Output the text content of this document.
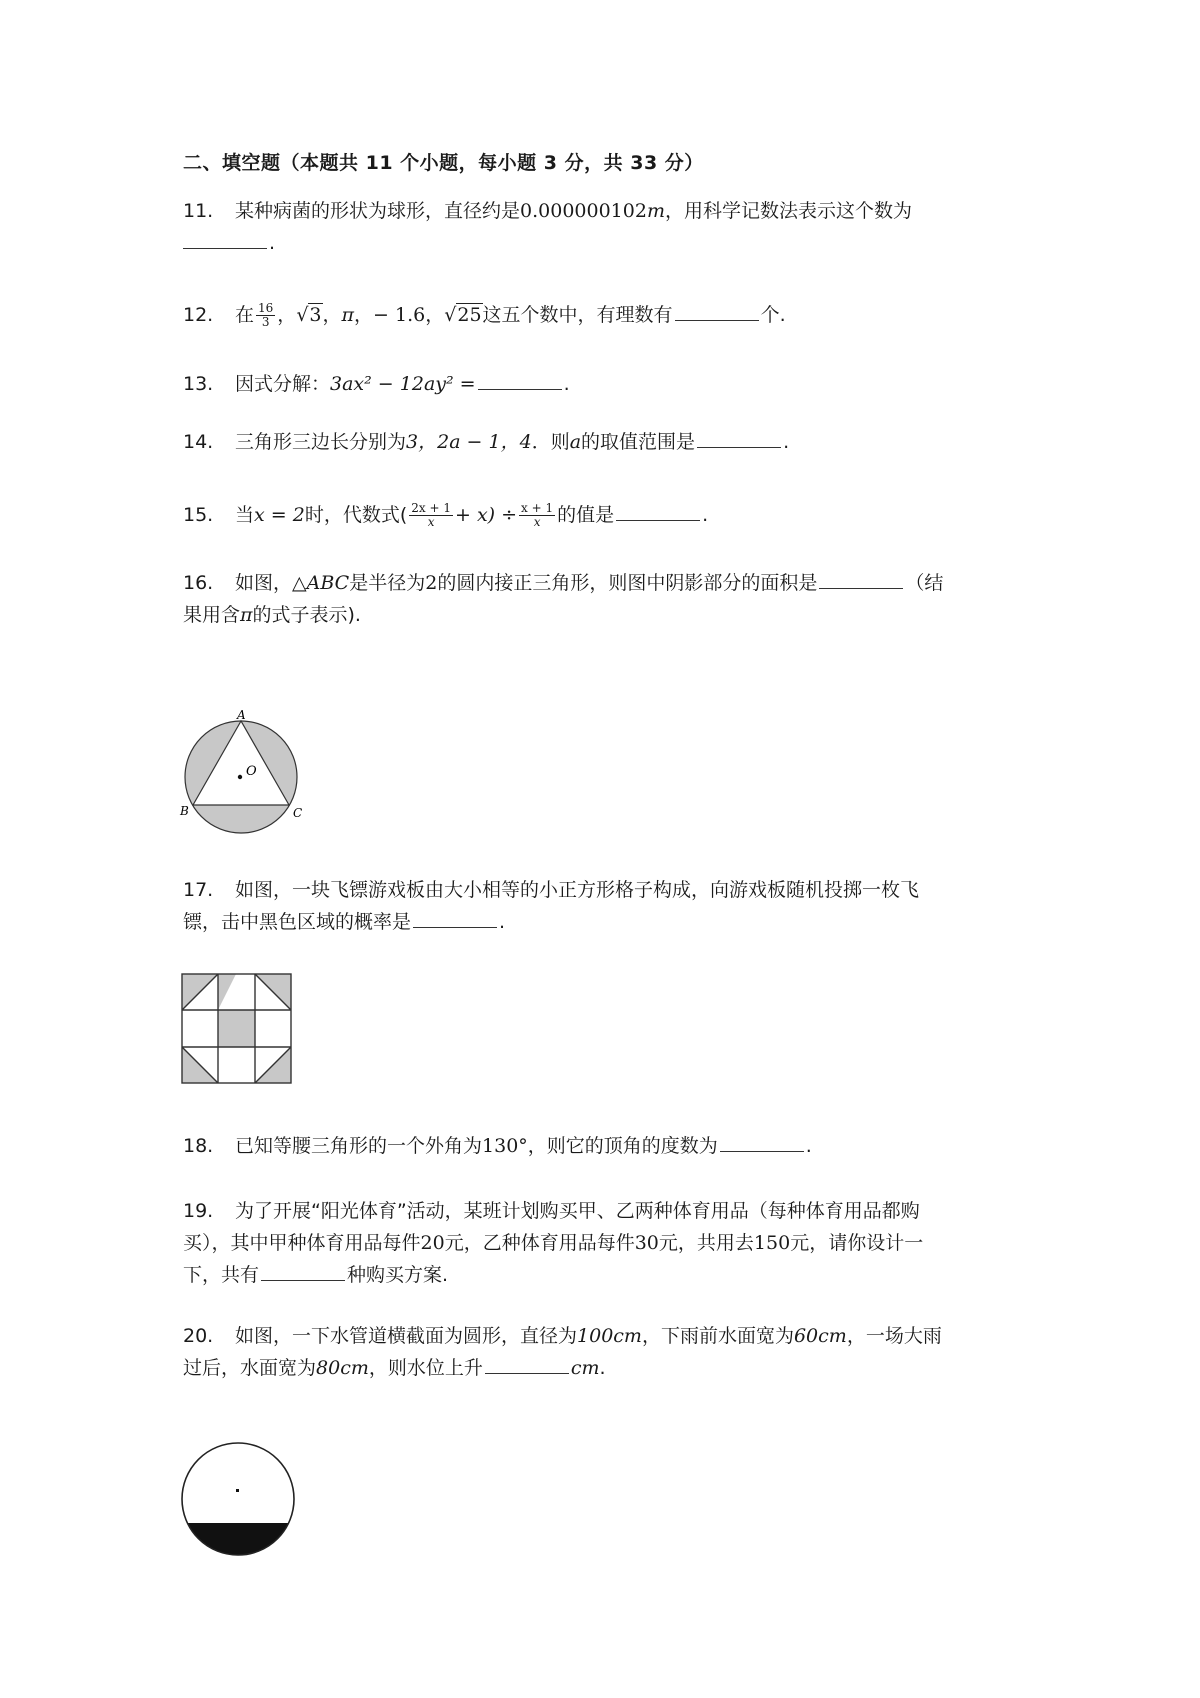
二、填空题（本题共 11 个小题，每小题 3 分，共 33 分）
11. 某种病菌的形状为球形，直径约是0.000000102m，用科学记数法表示这个数为
.
12. 在 $\frac{16}{3}$ ，√3，π，− 1.6，√25这五个数中，有理数有	个.
13. 因式分解：3ax² − 12ay² =	.
14. 三角形三边长分别为3，2a − 1，4．则a的取值范围是	.
15. 当x = 2时，代数式( $\frac{2x + 1}{x} + x) \div \frac{x + 1}{x}$ 的值是	.
16. 如图，△ABC是半径为2的圆内接正三角形，则图中阴影部分的面积是	（结
果用含π的式子表示).
A
O
B	C
17. 如图，一块飞镖游戏板由大小相等的小正方形格子构成，向游戏板随机投掷一枚飞
镖，击中黑色区域的概率是	.
18. 已知等腰三角形的一个外角为130°，则它的顶角的度数为	.
19. 为了开展“阳光体育”活动，某班计划购买甲、乙两种体育用品（每种体育用品都购
买），其中甲种体育用品每件20元，乙种体育用品每件30元，共用去150元，请你设计一
下，共有	种购买方案.
20. 如图，一下水管道横截面为圆形，直径为100cm，下雨前水面宽为60cm，一场大雨
过后，水面宽为80cm，则水位上升	cm.
